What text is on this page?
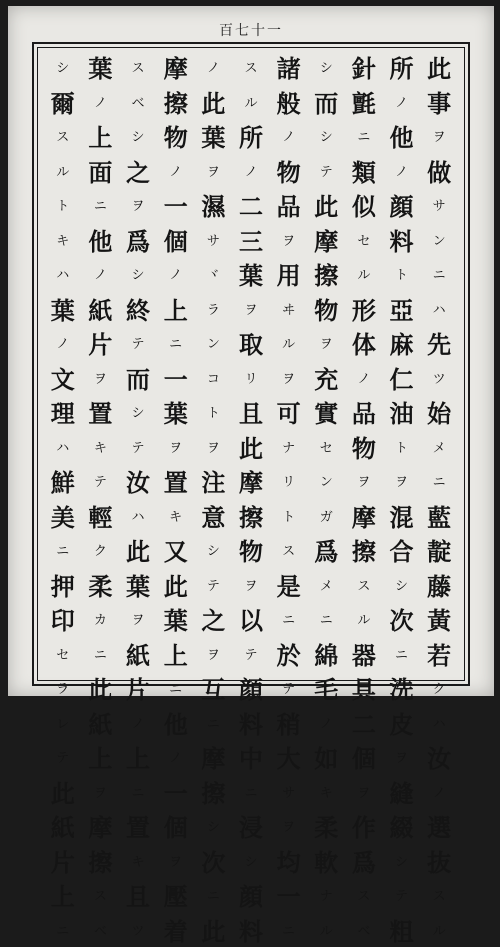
百七十一
此
事
ヲ
做
サ
ン
ニ
ハ
先
ツ
始
メ
ニ
藍
靛
藤
黃
若
ク
ハ
汝
ノ
選
抜
ス
ル
所
ノ
他
ノ
顔
料
ト
亞
麻
仁
油
ト
ヲ
混
合
シ
次
ニ
洗
皮
ヲ
縫
綴
シ
テ
粗
針
氈
ニ
類
似
セ
ル
形
体
ノ
品
物
ヲ
摩
擦
ス
ル
器
具
二
個
ヲ
作
爲
ス
ベ
シ
而
シ
テ
此
摩
擦
物
ヲ
充
實
セ
ン
ガ
爲
メ
ニ
綿
毛
ノ
如
キ
柔
軟
ナ
ル
諸
般
ノ
物
品
ヲ
用
ヰ
ル
ヲ
可
ナ
リ
ト
ス
是
ニ
於
テ
稍
大
サ
ヲ
均
一
ニ
ス
ル
所
ノ
二
三
葉
ヲ
取
リ
且
此
摩
擦
物
ヲ
以
テ
顔
料
中
ニ
浸
シ
顔
料
ノ
此
葉
ヲ
濕
サ
ヾ
ラ
ン
コ
ト
ヲ
注
意
シ
テ
之
ヲ
互
ニ
摩
擦
シ
次
ニ
此
摩
擦
物
ノ
一
個
ノ
上
ニ
一
葉
ヲ
置
キ
又
此
葉
上
ニ
他
ノ
一
個
ヲ
壓
着
ス
ベ
シ
之
ヲ
爲
シ
終
テ
而
シ
テ
汝
ハ
此
葉
ヲ
紙
片
ノ
上
ニ
置
キ
且
ツ
葉
ノ
上
面
ニ
他
ノ
紙
片
ヲ
置
キ
テ
輕
ク
柔
カ
ニ
此
紙
上
ヲ
摩
擦
ス
ベ
シ
爾
ス
ル
ト
キ
ハ
葉
ノ
文
理
ハ
鮮
美
ニ
押
印
セ
ラ
レ
テ
此
紙
片
上
ニ
